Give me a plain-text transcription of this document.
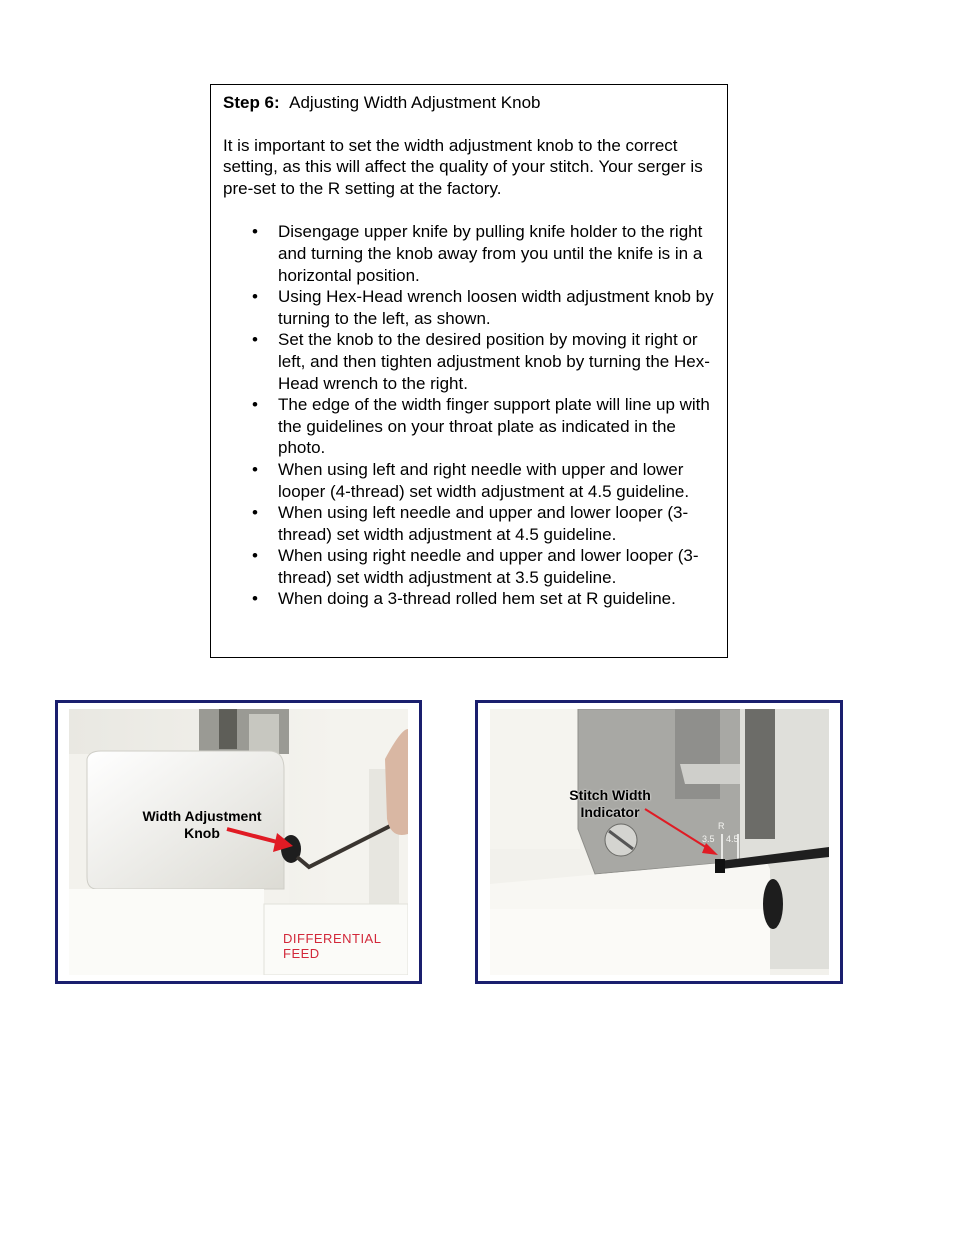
Step 6: Adjusting Width Adjustment Knob
It is important to set the width adjustment knob to the correct setting, as this will affect the quality of your stitch. Your serger is pre-set to the R setting at the factory.
• Disengage upper knife by pulling knife holder to the right and turning the knob away from you until the knife is in a horizontal position.
• Using Hex-Head wrench loosen width adjustment knob by turning to the left, as shown.
• Set the knob to the desired position by moving it right or left, and then tighten adjustment knob by turning the Hex-Head wrench to the right.
• The edge of the width finger support plate will line up with the guidelines on your throat plate as indicated in the photo.
• When using left and right needle with upper and lower looper (4-thread) set width adjustment at 4.5 guideline.
• When using left needle and upper and lower looper (3-thread) set width adjustment at 4.5 guideline.
• When using right needle and upper and lower looper (3-thread) set width adjustment at 3.5 guideline.
• When doing a 3-thread rolled hem set at R guideline.
Width Adjustment
Knob
DIFFERENTIAL FEED
Stitch Width
Indicator
R
3.5 4.5
